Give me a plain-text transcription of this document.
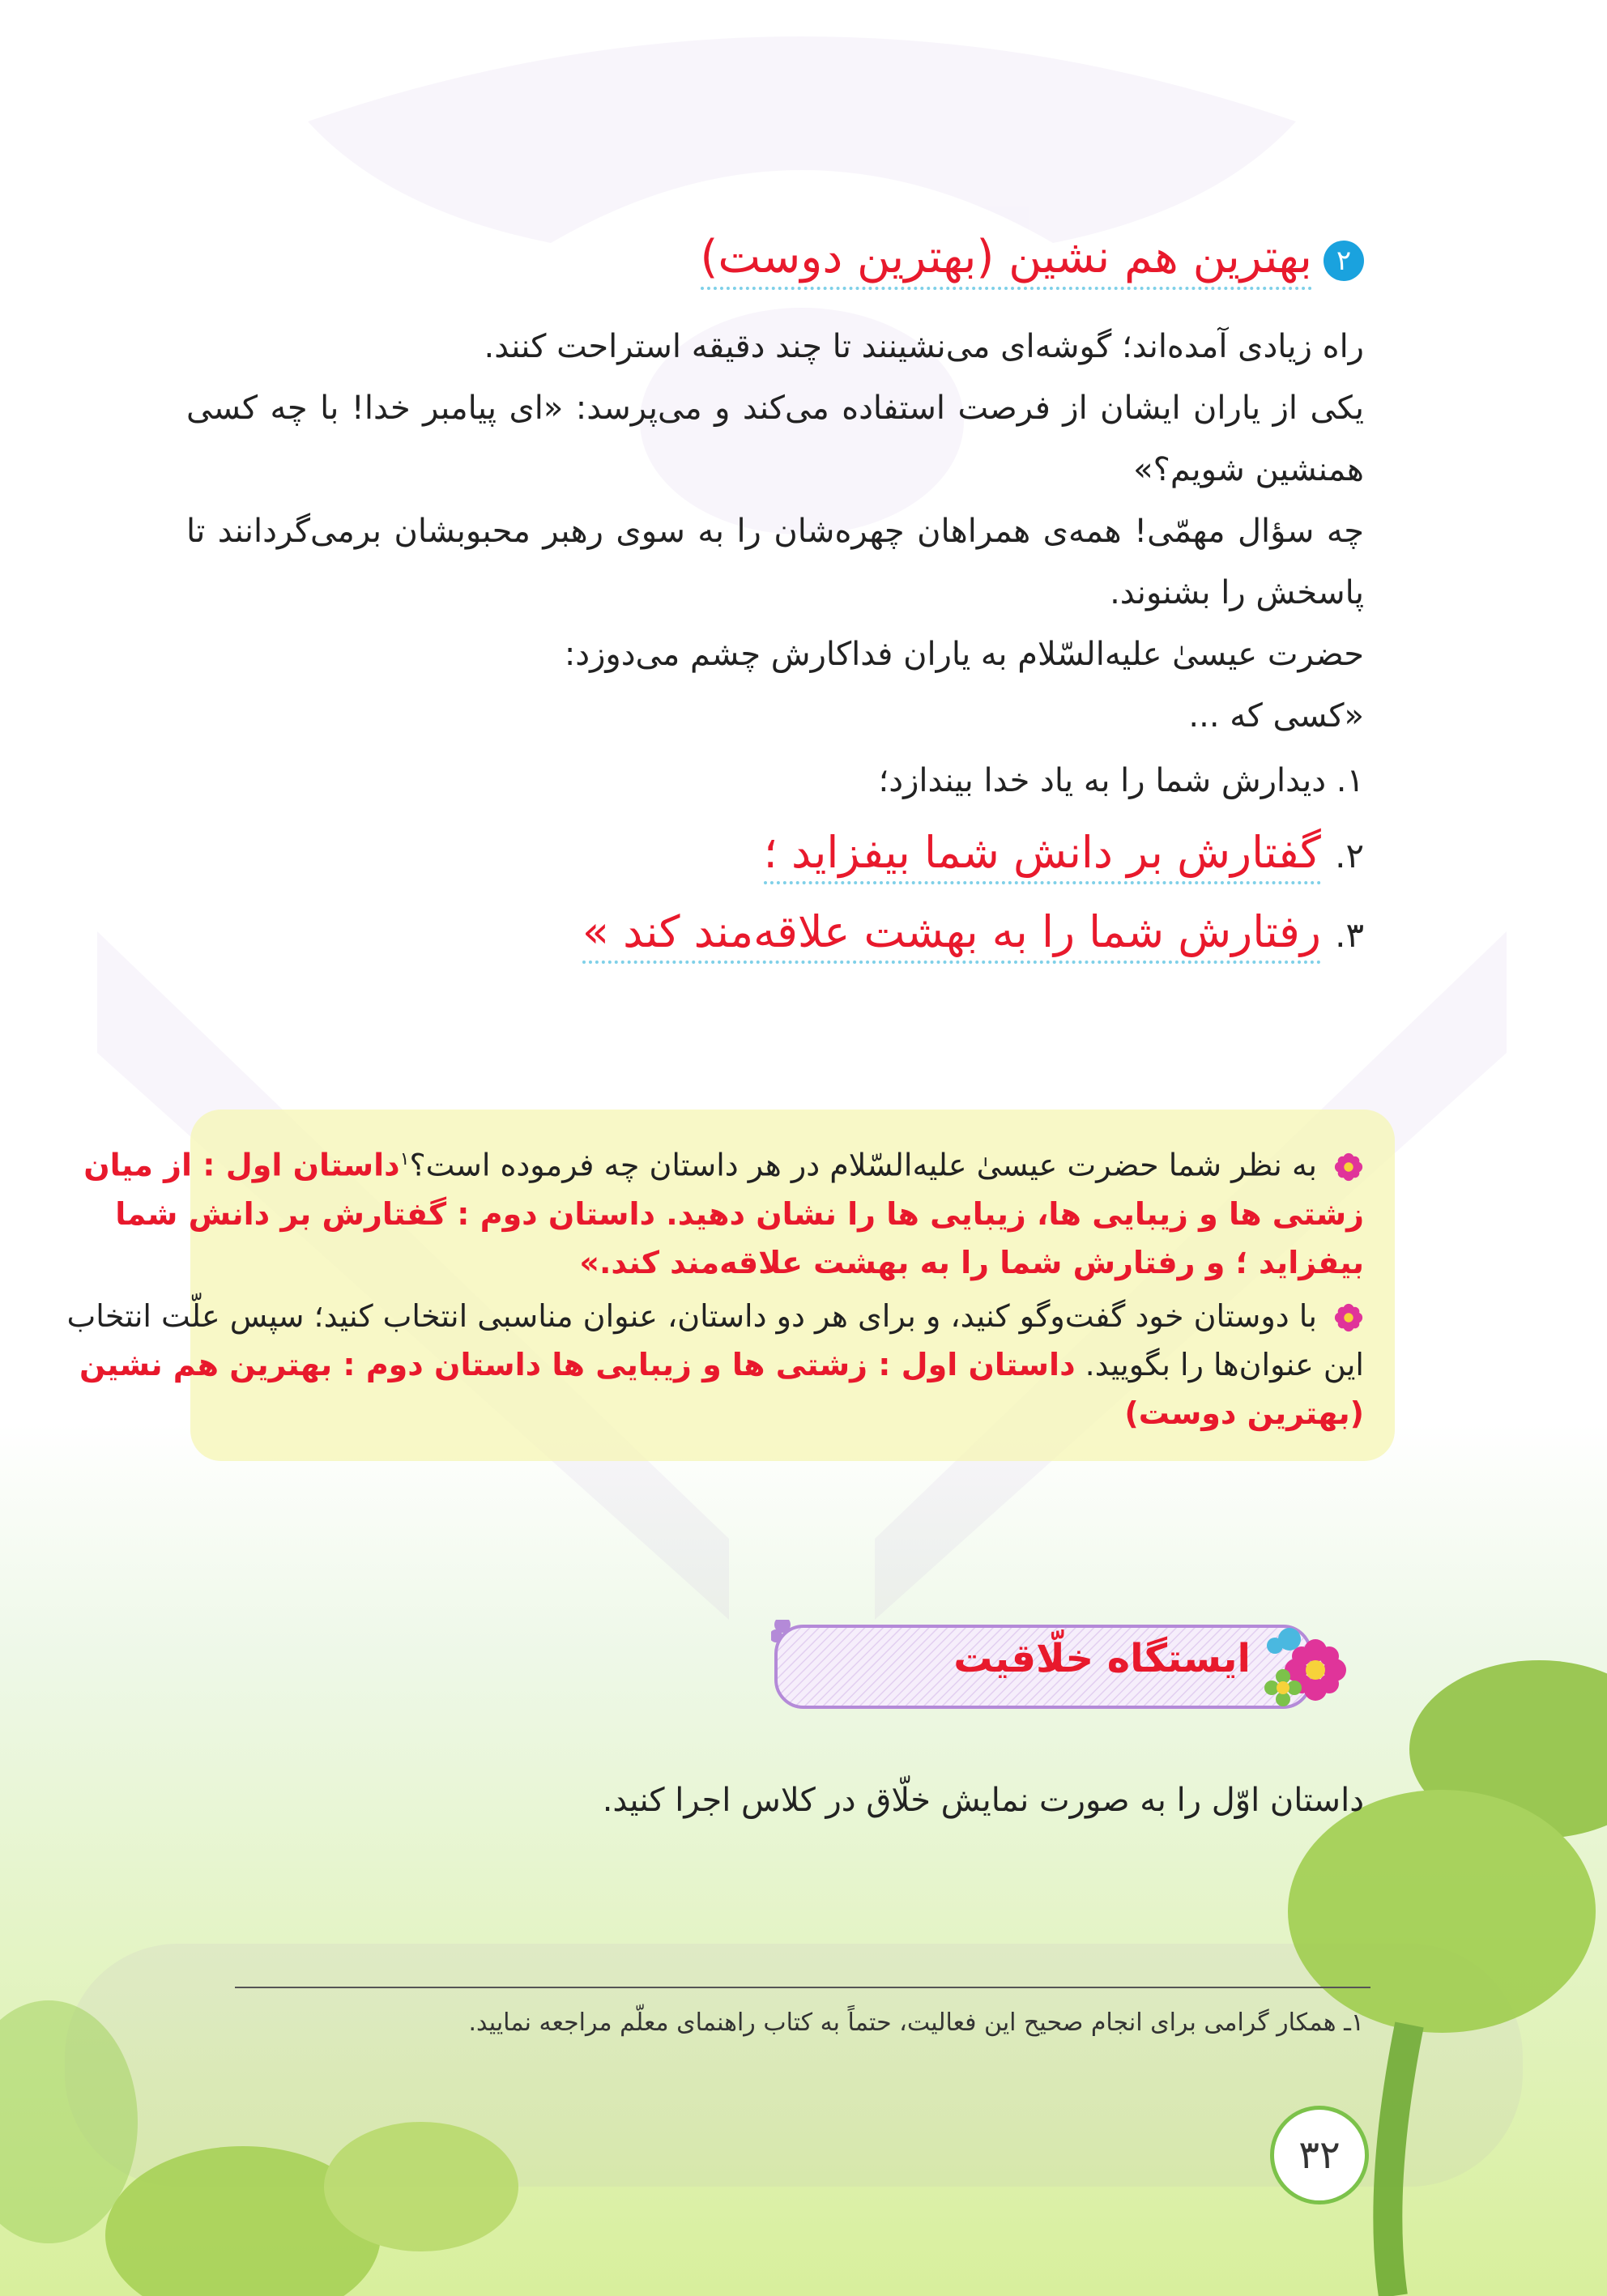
۲
بهترین هم نشین (بهترین دوست)

راه زیادی آمده‌اند؛ گوشه‌ای می‌نشینند تا چند دقیقه استراحت کنند.

یکی از یاران ایشان از فرصت استفاده می‌کند و می‌پرسد: «ای پیامبر خدا! با چه کسی همنشین شویم؟»

چه سؤال مهمّی! همه‌ی همراهان چهره‌شان را به سوی رهبر محبوبشان برمی‌گردانند تا پاسخش را بشنوند.

حضرت عیسیٰ علیه‌السّلام به یاران فداکارش چشم می‌دوزد:

«کسی که ...

۱. دیدارش شما را به یاد خدا بیندازد؛

۲. گفتارش بر دانش شما بیفزاید ؛

۳. رفتارش شما را به بهشت علاقه‌مند کند »

به نظر شما حضرت عیسیٰ علیه‌السّلام در هر داستان چه فرموده است؟$^۱$داستان اول : از میان زشتی ها و زیبایی ها، زیبایی ها را نشان دهید. داستان دوم : گفتارش بر دانش شما بیفزاید ؛ و رفتارش شما را به بهشت علاقه‌مند کند.»

با دوستان خود گفت‌وگو کنید، و برای هر دو داستان، عنوان مناسبی انتخاب کنید؛ سپس علّت انتخاب این عنوان‌ها را بگویید. داستان اول : زشتی ها و زیبایی ها داستان دوم : بهترین هم نشین (بهترین دوست)

ایستگاه خلّاقیت
داستان اوّل را به صورت نمایش خلّاق در کلاس اجرا کنید.
۱ـ همکار گرامی برای انجام صحیح این فعالیت، حتماً به کتاب راهنمای معلّم مراجعه نمایید.
۳۲
